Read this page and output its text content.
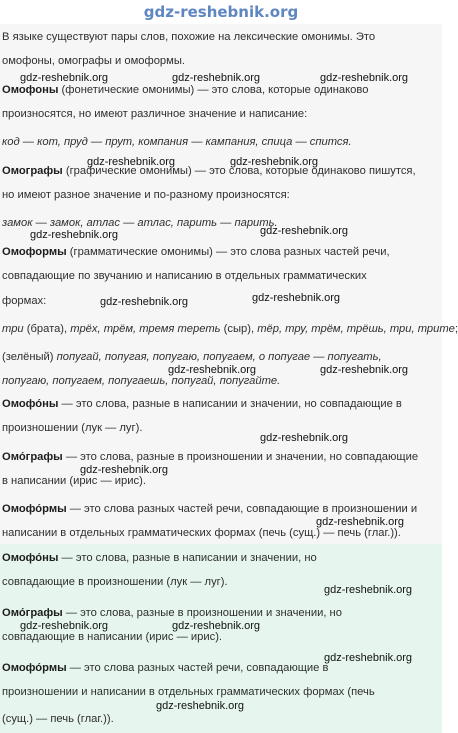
gdz-reshebnik.org
В языке существуют пары слов, похожие на лексические омонимы. Это
омофоны, омографы и омоформы.
Омофоны (фонетические омонимы) — это слова, которые одинаково
произносятся, но имеют различное значение и написание:
код — кот, пруд — прут, компания — кампания, спица — спится.
Омографы (графические омонимы) — это слова, которые одинаково пишутся,
но имеют разное значение и по-разному произносятся:
замок — замок, атлас — атлас, парить — парить.
Омоформы (грамматические омонимы) — это слова разных частей речи,
совпадающие по звучанию и написанию в отдельных грамматических
формах:
три (брата), трёх, трём, тремя тереть (сыр), тёр, тру, трём, трёшь, три, трите;
(зелёный) попугай, попугая, попугаю, попугаем, о попугае — попугать,
попугаю, попугаем, попугаешь, попугай, попугайте.
Омофо́ны — это слова, разные в написании и значении, но совпадающие в
произношении (лук — луг).
Омо́графы — это слова, разные в произношении и значении, но совпадающие
в написании (ирис — ирис).
Омофо́рмы — это слова разных частей речи, совпадающие в произношении и
написании в отдельных грамматических формах (печь (сущ.) — печь (глаг.)).
Омофо́ны — это слова, разные в написании и значении, но
совпадающие в произношении (лук — луг).
Омо́графы — это слова, разные в произношении и значении, но
совпадающие в написании (ирис — ирис).
Омофо́рмы — это слова разных частей речи, совпадающие в
произношении и написании в отдельных грамматических формах (печь
(сущ.) — печь (глаг.)).
gdz-reshebnik.org	gdz-reshebnik.org	gdz-reshebnik.org
gdz-reshebnik.org	gdz-reshebnik.org
gdz-reshebnik.org	gdz-reshebnik.org
gdz-reshebnik.org	gdz-reshebnik.org
gdz-reshebnik.org	gdz-reshebnik.org
gdz-reshebnik.org
gdz-reshebnik.org
gdz-reshebnik.org
gdz-reshebnik.org
gdz-reshebnik.org	gdz-reshebnik.org
gdz-reshebnik.org
gdz-reshebnik.org
